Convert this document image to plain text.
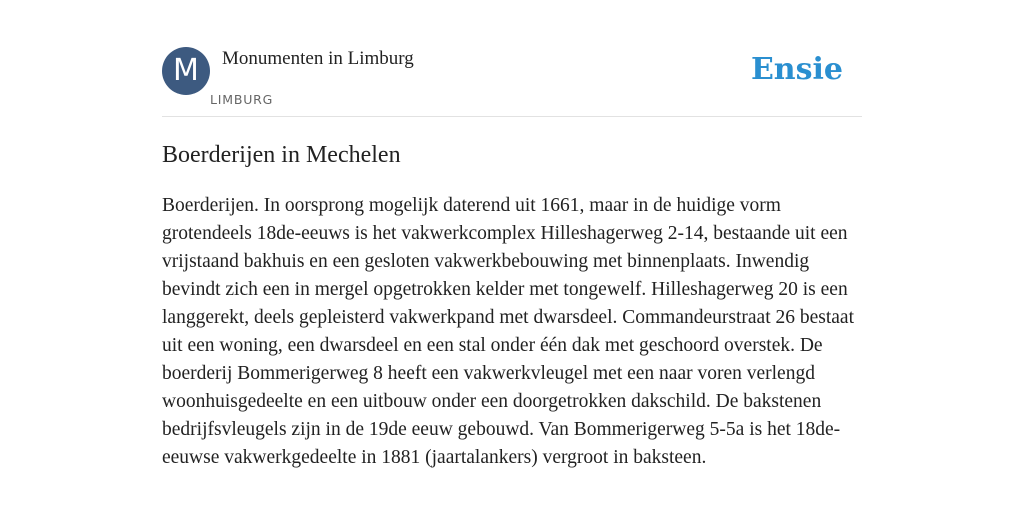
M	Monumenten in Limburg
LIMBURG
Ensie
Boerderijen in Mechelen

Boerderijen. In oorsprong mogelijk daterend uit 1661, maar in de huidige vorm grotendeels 18de-eeuws is het vakwerkcomplex Hilleshagerweg 2-14, bestaande uit een vrijstaand bakhuis en een gesloten vakwerkbebouwing met binnenplaats. Inwendig bevindt zich een in mergel opgetrokken kelder met tongewelf. Hilleshagerweg 20 is een langgerekt, deels gepleisterd vakwerkpand met dwarsdeel. Commandeurstraat 26 bestaat uit een woning, een dwarsdeel en een stal onder één dak met geschoord overstek. De boerderij Bommerigerweg 8 heeft een vakwerkvleugel met een naar voren verlengd woonhuisgedeelte en een uitbouw onder een doorgetrokken dakschild. De bakstenen bedrijfsvleugels zijn in de 19de eeuw gebouwd. Van Bommerigerweg 5-5a is het 18de-eeuwse vakwerkgedeelte in 1881 (jaartalankers) vergroot in baksteen.
